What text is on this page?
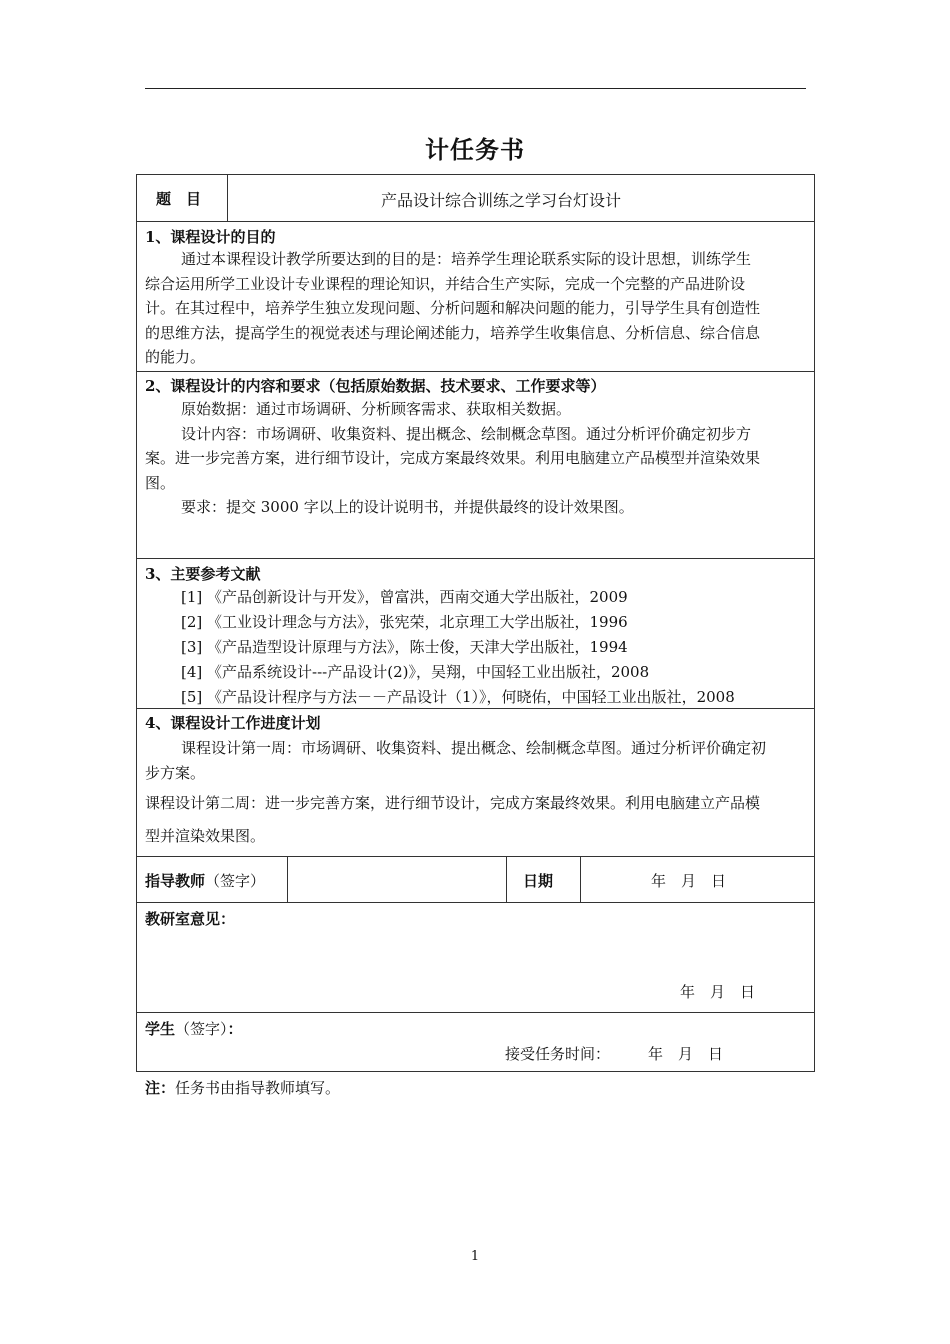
计任务书
题　目	产品设计综合训练之学习台灯设计
1、课程设计的目的
通过本课程设计教学所要达到的目的是：培养学生理论联系实际的设计思想，训练学生
综合运用所学工业设计专业课程的理论知识，并结合生产实际，完成一个完整的产品进阶设
计。在其过程中，培养学生独立发现问题、分析问题和解决问题的能力，引导学生具有创造性
的思维方法，提高学生的视觉表述与理论阐述能力，培养学生收集信息、分析信息、综合信息
的能力。
2、课程设计的内容和要求（包括原始数据、技术要求、工作要求等）
原始数据：通过市场调研、分析顾客需求、获取相关数据。
设计内容：市场调研、收集资料、提出概念、绘制概念草图。通过分析评价确定初步方
案。进一步完善方案，进行细节设计，完成方案最终效果。利用电脑建立产品模型并渲染效果
图。
要求：提交 3000 字以上的设计说明书，并提供最终的设计效果图。
3、主要参考文献
[1] 《产品创新设计与开发》，曾富洪，西南交通大学出版社，2009
[2] 《工业设计理念与方法》，张宪荣，北京理工大学出版社，1996
[3] 《产品造型设计原理与方法》，陈士俊，天津大学出版社，1994
[4] 《产品系统设计---产品设计(2)》，吴翔，中国轻工业出版社，2008
[5] 《产品设计程序与方法－－产品设计（1）》，何晓佑，中国轻工业出版社，2008
4、课程设计工作进度计划
课程设计第一周：市场调研、收集资料、提出概念、绘制概念草图。通过分析评价确定初
步方案。
课程设计第二周：进一步完善方案，进行细节设计，完成方案最终效果。利用电脑建立产品模
型并渲染效果图。
指导教师（签字）	日期	年　月　日
教研室意见：
年　月　日
学生（签字）：
接受任务时间：	年　月　日
注：任务书由指导教师填写。
1
